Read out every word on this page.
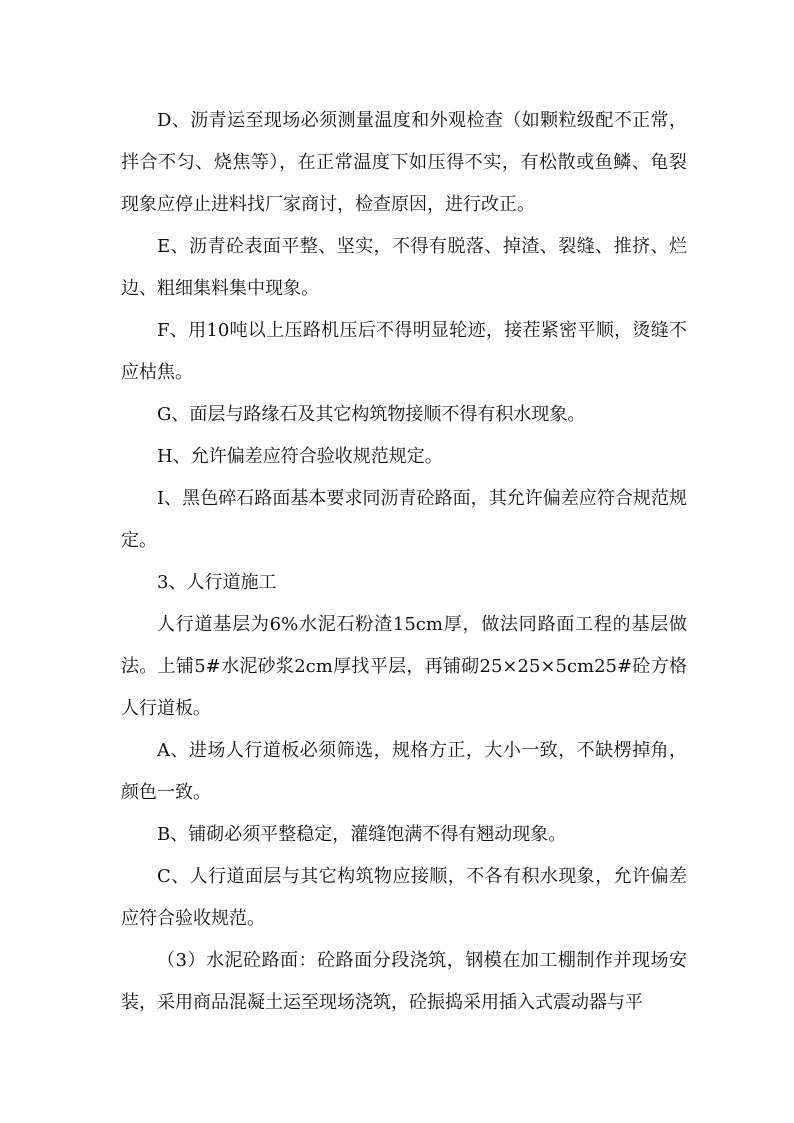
D、沥青运至现场必须测量温度和外观检查（如颗粒级配不正常，拌合不匀、烧焦等），在正常温度下如压得不实，有松散或鱼鳞、龟裂现象应停止进料找厂家商讨，检查原因，进行改正。

E、沥青砼表面平整、坚实，不得有脱落、掉渣、裂缝、推挤、烂边、粗细集料集中现象。

F、用10吨以上压路机压后不得明显轮迹，接茬紧密平顺，烫缝不应枯焦。

G、面层与路缘石及其它构筑物接顺不得有积水现象。

H、允许偏差应符合验收规范规定。

I、黑色碎石路面基本要求同沥青砼路面，其允许偏差应符合规范规定。

3、人行道施工

人行道基层为6%水泥石粉渣15cm厚，做法同路面工程的基层做法。上铺5#水泥砂浆2cm厚找平层，再铺砌25×25×5cm25#砼方格人行道板。

A、进场人行道板必须筛选，规格方正，大小一致，不缺楞掉角，颜色一致。

B、铺砌必须平整稳定，灌缝饱满不得有翘动现象。

C、人行道面层与其它构筑物应接顺，不各有积水现象，允许偏差应符合验收规范。

（3）水泥砼路面：砼路面分段浇筑，钢模在加工棚制作并现场安装，采用商品混凝土运至现场浇筑，砼振捣采用插入式震动器与平
